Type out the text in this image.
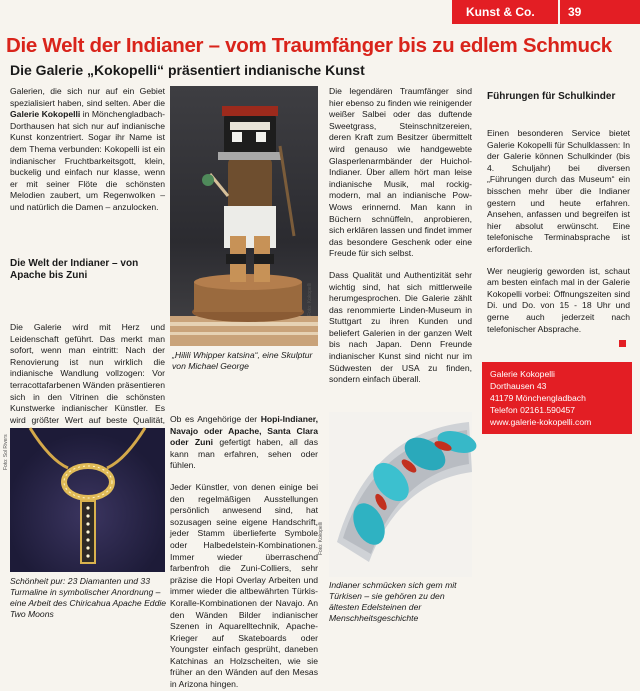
Kunst & Co.	39
Die Welt der Indianer – vom Traumfänger bis zu edlem Schmuck
Die Galerie „Kokopelli“ präsentiert indianische Kunst

Galerien, die sich nur auf ein Gebiet spezialisiert haben, sind selten. Aber die Galerie Kokopelli in Mönchengladbach-Dorthausen hat sich nur auf indianische Kunst konzentriert. Sogar ihr Name ist dem Thema verbunden: Kokopelli ist ein indianischer Fruchtbarkeitsgott, klein, buckelig und einfach nur klasse, wenn er mit seiner Flöte die schönsten Melodien zaubert, um Regenwolken – und natürlich die Damen – anzulocken.

Die Welt der Indianer – von Apache bis Zuni

Die Galerie wird mit Herz und Leidenschaft geführt. Das merkt man sofort, wenn man eintritt: Nach der Renovierung ist nun wirklich die indianische Wandlung vollzogen: Vor terracottafarbenen Wänden präsentieren sich in den Vitrinen die schönsten Kunstwerke indianischer Künstler. Es wird größter Wert auf beste Qualität,

Foto: Kokopelli
„Hilili Whipper katsina“, eine Skulptur von Michael George

Ob es Angehörige der Hopi-Indianer, Navajo oder Apache, Santa Clara oder Zuni gefertigt haben, all das kann man erfahren, sehen oder fühlen.

Jeder Künstler, von denen einige bei den regelmäßigen Ausstellungen persönlich anwesend sind, hat sozusagen seine eigene Handschrift, jeder Stamm überlieferte Symbole oder Halbedelstein-Kombinationen. Immer wieder überraschend farbenfroh die Zuni-Colliers, sehr präzise die Hopi Overlay Arbeiten und immer wieder die altbewährten Türkis-Koralle-Kombinationen der Navajo. An den Wänden Bilder indianischer Szenen in Aquarelltechnik, Apache-Krieger auf Skateboards oder Youngster einfach gesprüht, daneben Katchinas an Holzscheiten, wie sie früher an den Wänden auf den Mesas in Arizona hingen.

Foto: Sol Rivers
Schönheit pur: 23 Diamanten und 33 Turmaline in symbolischer Anordnung – eine Arbeit des Chiricahua Apache Eddie Two Moons

Die legendären Traumfänger sind hier ebenso zu finden wie reinigender weißer Salbei oder das duftende Sweetgrass, Steinschnitzereien, deren Kraft zum Besitzer übermittelt wird genauso wie handgewebte Glasperlenarmbänder der Huichol-Indianer. Über allem hört man leise indianische Musik, mal rockig-modern, mal an indianische Pow-Wows erinnernd. Man kann in Büchern schnüffeln, anprobieren, sich erklären lassen und findet immer das besondere Geschenk oder eine Freude für sich selbst.

Dass Qualität und Authentizität sehr wichtig sind, hat sich mittlerweile herumgesprochen. Die Galerie zählt das renommierte Linden-Museum in Stuttgart zu ihren Kunden und beliefert Galerien in der ganzen Welt bis nach Japan. Denn Freunde indianischer Kunst sind nicht nur im Südwesten der USA zu finden, sondern einfach überall.

Foto: Kokopelli
Indianer schmücken sich gem mit Türkisen – sie gehören zu den ältesten Edelsteinen der Menschheitsgeschichte
Führungen für Schulkinder

Einen besonderen Service bietet Galerie Kokopelli für Schulklassen: In der Galerie können Schulkinder (bis 4. Schuljahr) bei diversen „Führungen durch das Museum“ ein bisschen mehr über die Indianer gestern und heute erfahren. Ansehen, anfassen und begreifen ist hier absolut erwünscht. Eine telefonische Terminabsprache ist erforderlich.

Wer neugierig geworden ist, schaut am besten einfach mal in der Galerie Kokopelli vorbei: Öffnungszeiten sind Di. und Do. von 15 - 18 Uhr und gerne auch jederzeit nach telefonischer Absprache.

Galerie Kokopelli
Dorthausen 43
41179 Mönchengladbach
Telefon 02161.590457
www.galerie-kokopelli.com
